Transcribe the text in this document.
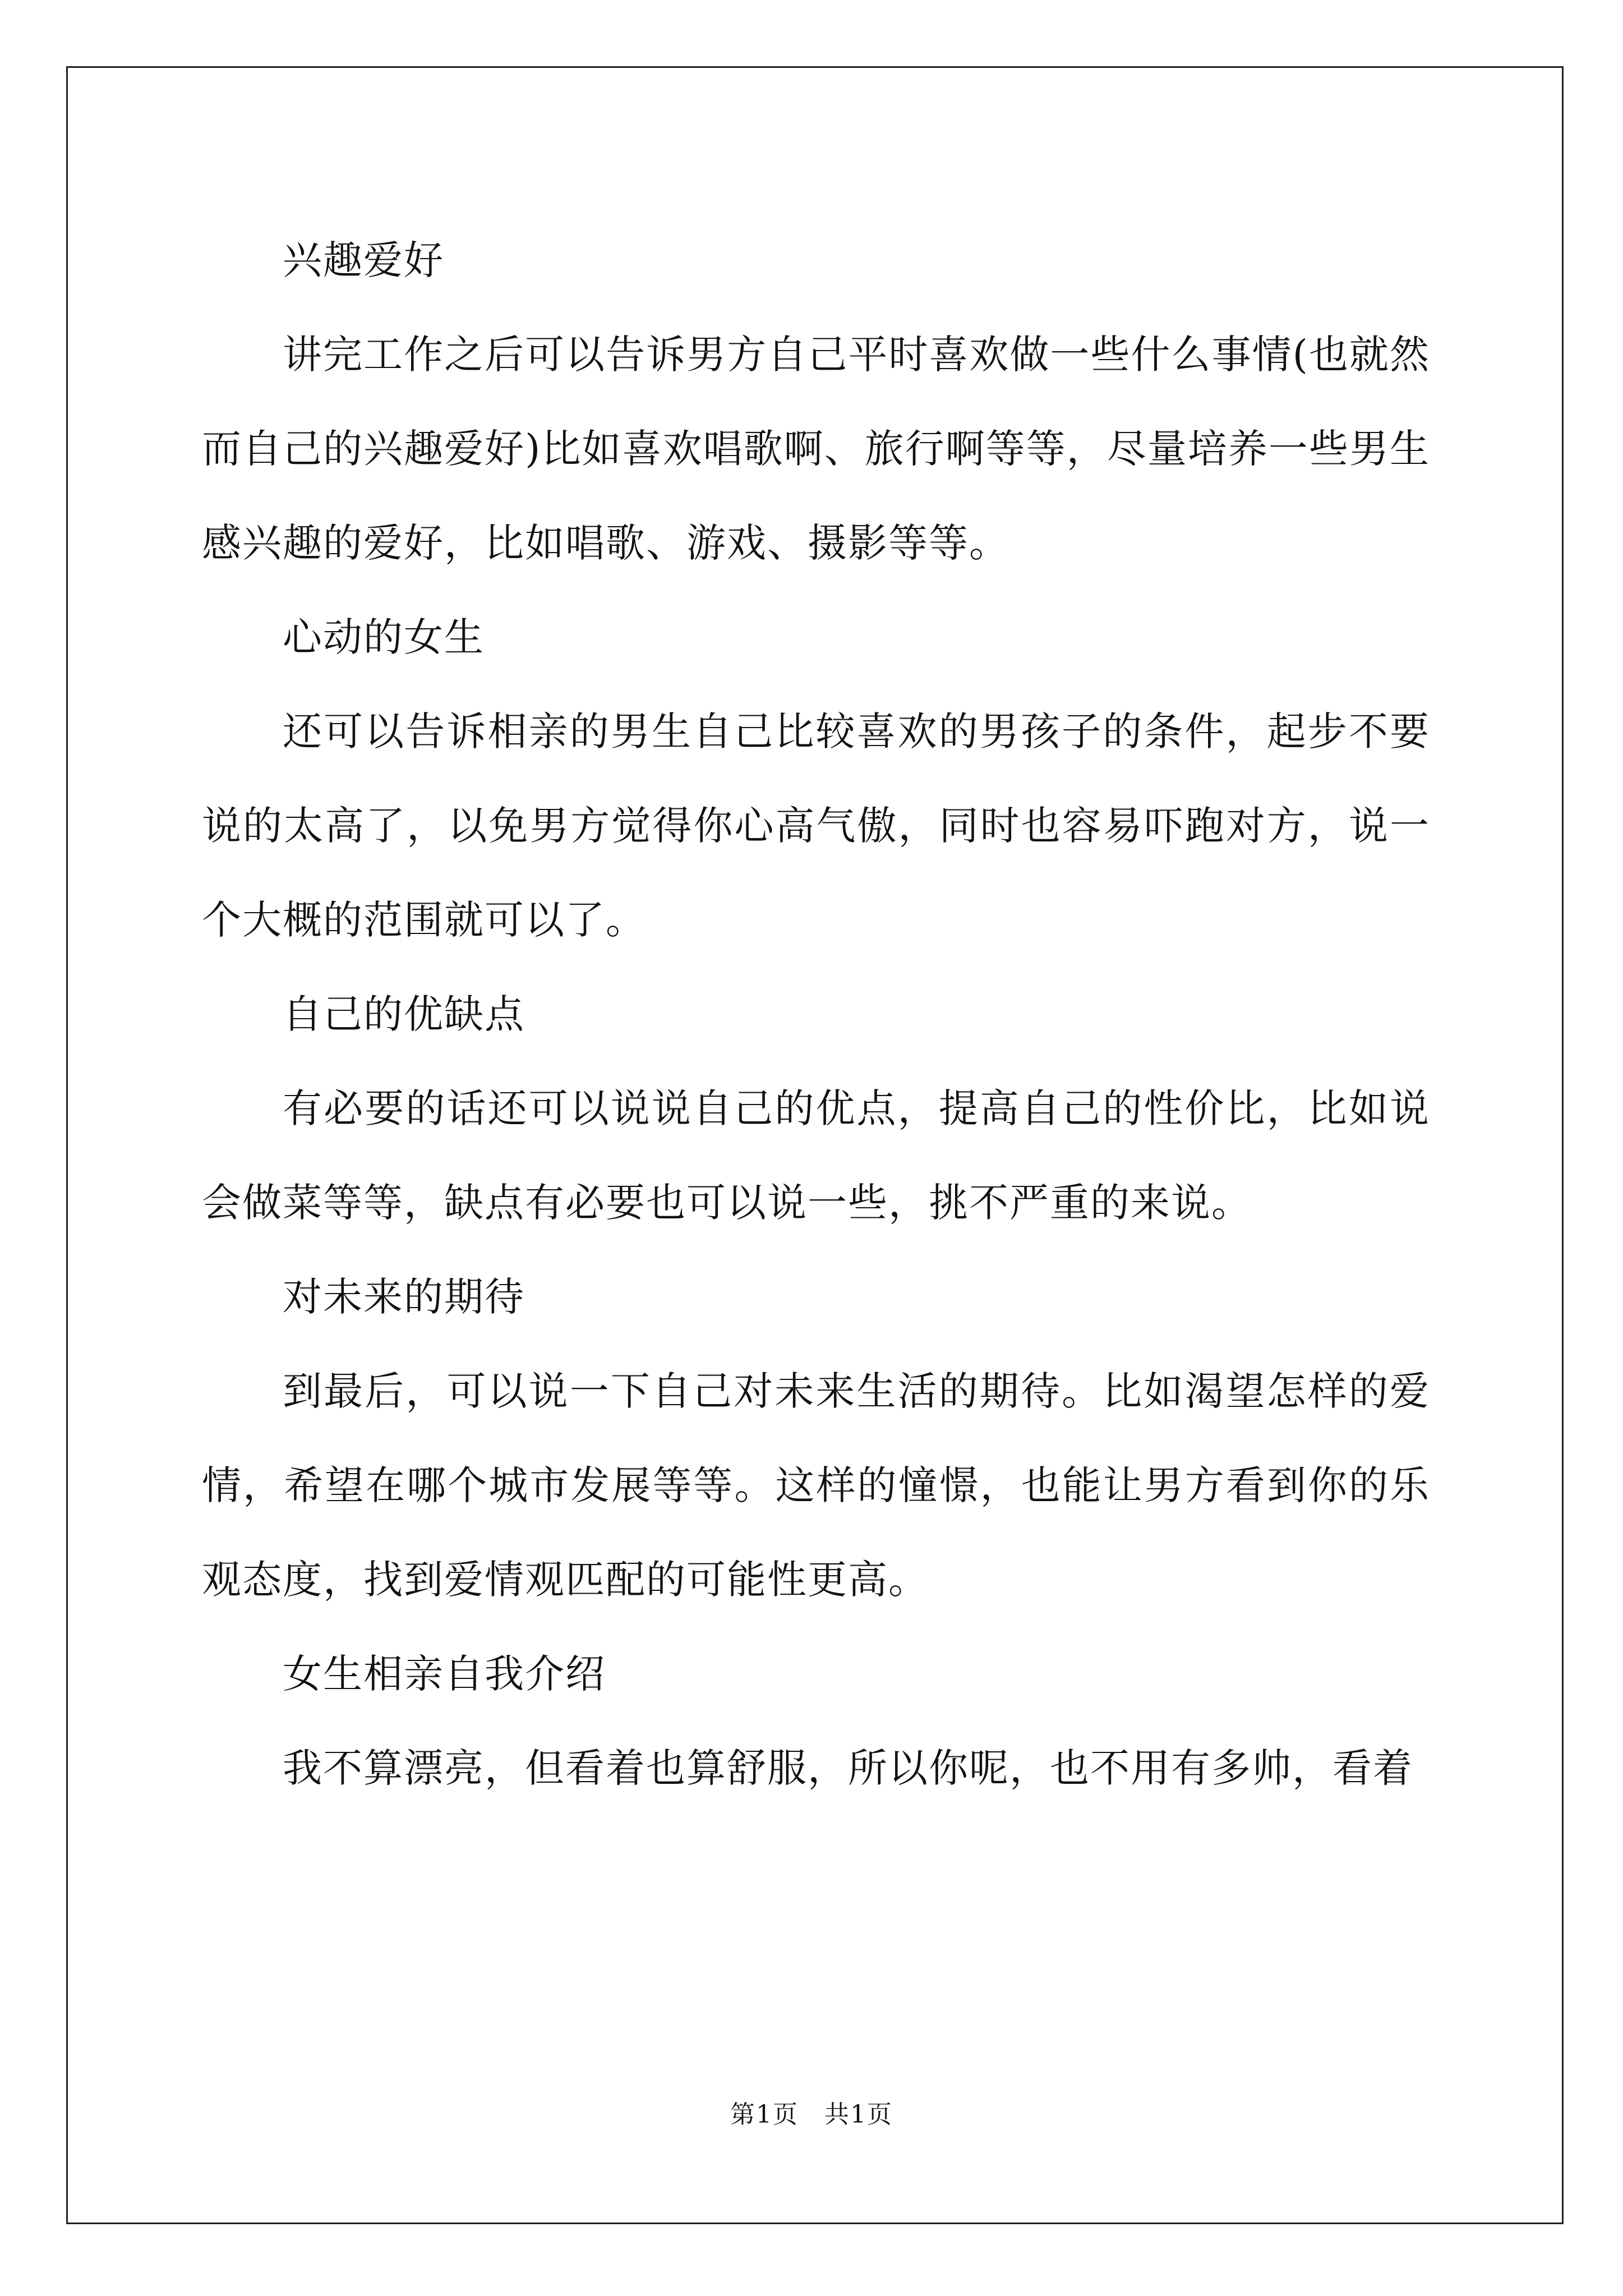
兴趣爱好

讲完工作之后可以告诉男方自己平时喜欢做一些什么事情(也就然而自己的兴趣爱好)比如喜欢唱歌啊、旅行啊等等，尽量培养一些男生感兴趣的爱好，比如唱歌、游戏、摄影等等。

心动的女生

还可以告诉相亲的男生自己比较喜欢的男孩子的条件，起步不要说的太高了，以免男方觉得你心高气傲，同时也容易吓跑对方，说一个大概的范围就可以了。

自己的优缺点

有必要的话还可以说说自己的优点，提高自己的性价比，比如说会做菜等等，缺点有必要也可以说一些，挑不严重的来说。

对未来的期待

到最后，可以说一下自己对未来生活的期待。比如渴望怎样的爱情，希望在哪个城市发展等等。这样的憧憬，也能让男方看到你的乐观态度，找到爱情观匹配的可能性更高。

女生相亲自我介绍

我不算漂亮，但看着也算舒服，所以你呢，也不用有多帅，看着

第1页　共1页
